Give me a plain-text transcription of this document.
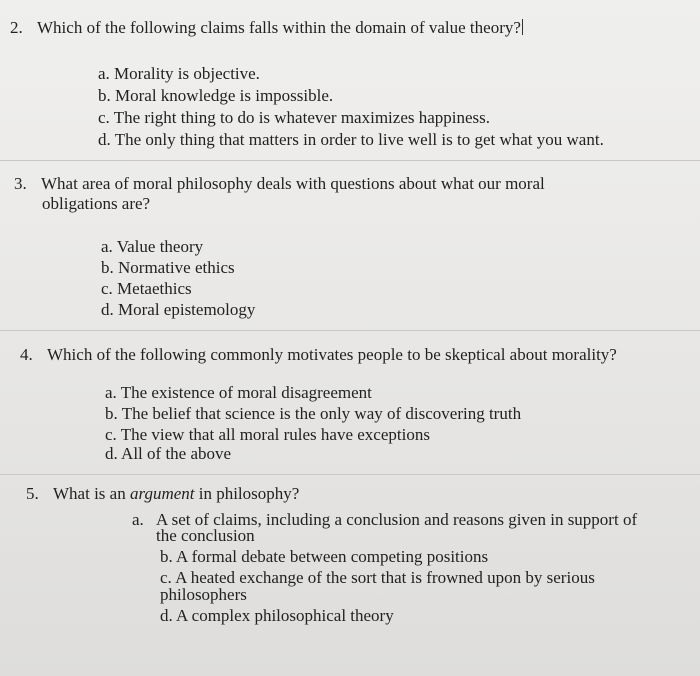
2. Which of the following claims falls within the domain of value theory?
a. Morality is objective.
b. Moral knowledge is impossible.
c. The right thing to do is whatever maximizes happiness.
d. The only thing that matters in order to live well is to get what you want.
3. What area of moral philosophy deals with questions about what our moral
obligations are?
a. Value theory
b. Normative ethics
c. Metaethics
d. Moral epistemology
4. Which of the following commonly motivates people to be skeptical about morality?
a. The existence of moral disagreement
b. The belief that science is the only way of discovering truth
c. The view that all moral rules have exceptions
d. All of the above
5. What is an argument in philosophy?
a. A set of claims, including a conclusion and reasons given in support of
the conclusion
b. A formal debate between competing positions
c. A heated exchange of the sort that is frowned upon by serious
philosophers
d. A complex philosophical theory
